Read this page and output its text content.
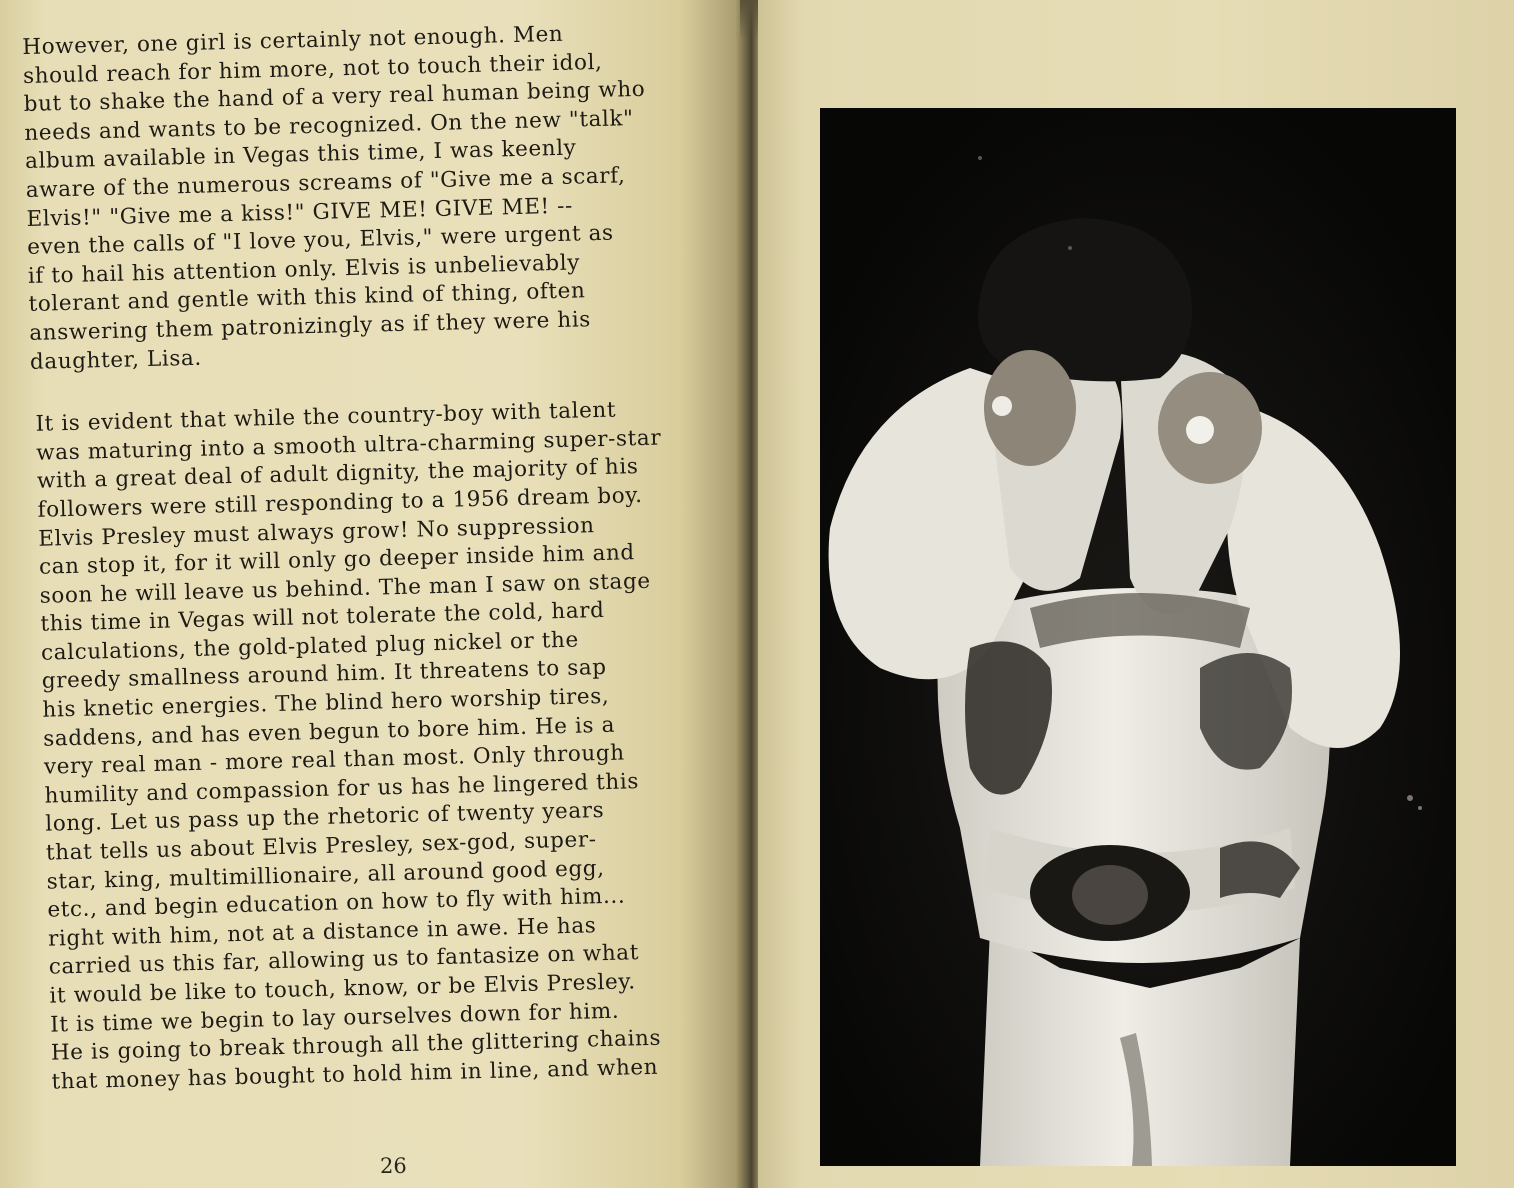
However, one girl is certainly not enough. Men
should reach for him more, not to touch their idol,
but to shake the hand of a very real human being who
needs and wants to be recognized. On the new "talk"
album available in Vegas this time, I was keenly
aware of the numerous screams of "Give me a scarf,
Elvis!" "Give me a kiss!" GIVE ME! GIVE ME! --
even the calls of "I love you, Elvis," were urgent as
if to hail his attention only. Elvis is unbelievably
tolerant and gentle with this kind of thing, often
answering them patronizingly as if they were his
daughter, Lisa.

It is evident that while the country-boy with talent
was maturing into a smooth ultra-charming super-star
with a great deal of adult dignity, the majority of his
followers were still responding to a 1956 dream boy.
Elvis Presley must always grow! No suppression
can stop it, for it will only go deeper inside him and
soon he will leave us behind. The man I saw on stage
this time in Vegas will not tolerate the cold, hard
calculations, the gold-plated plug nickel or the
greedy smallness around him. It threatens to sap
his knetic energies. The blind hero worship tires,
saddens, and has even begun to bore him. He is a
very real man - more real than most. Only through
humility and compassion for us has he lingered this
long. Let us pass up the rhetoric of twenty years
that tells us about Elvis Presley, sex-god, super-
star, king, multimillionaire, all around good egg,
etc., and begin education on how to fly with him...
right with him, not at a distance in awe. He has
carried us this far, allowing us to fantasize on what
it would be like to touch, know, or be Elvis Presley.
It is time we begin to lay ourselves down for him.
He is going to break through all the glittering chains
that money has bought to hold him in line, and when

26
